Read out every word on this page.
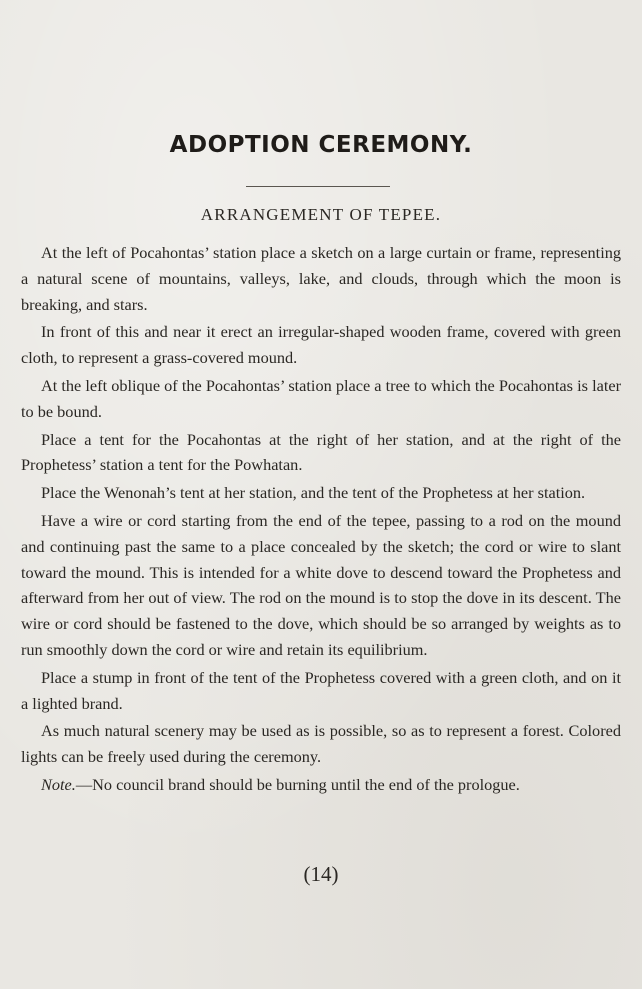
ADOPTION CEREMONY.
ARRANGEMENT OF TEPEE.

At the left of Pocahontas’ station place a sketch on a large curtain or frame, representing a natural scene of mountains, valleys, lake, and clouds, through which the moon is breaking, and stars.

In front of this and near it erect an irregular-shaped wooden frame, covered with green cloth, to represent a grass-covered mound.

At the left oblique of the Pocahontas’ station place a tree to which the Pocahontas is later to be bound.

Place a tent for the Pocahontas at the right of her station, and at the right of the Prophetess’ station a tent for the Powhatan.

Place the Wenonah’s tent at her station, and the tent of the Prophetess at her station.

Have a wire or cord starting from the end of the tepee, passing to a rod on the mound and continuing past the same to a place concealed by the sketch; the cord or wire to slant toward the mound. This is intended for a white dove to descend toward the Prophetess and afterward from her out of view. The rod on the mound is to stop the dove in its descent. The wire or cord should be fastened to the dove, which should be so arranged by weights as to run smoothly down the cord or wire and retain its equilibrium.

Place a stump in front of the tent of the Prophetess covered with a green cloth, and on it a lighted brand.

As much natural scenery may be used as is possible, so as to represent a forest. Colored lights can be freely used during the ceremony.

Note.—No council brand should be burning until the end of the prologue.

(14)
